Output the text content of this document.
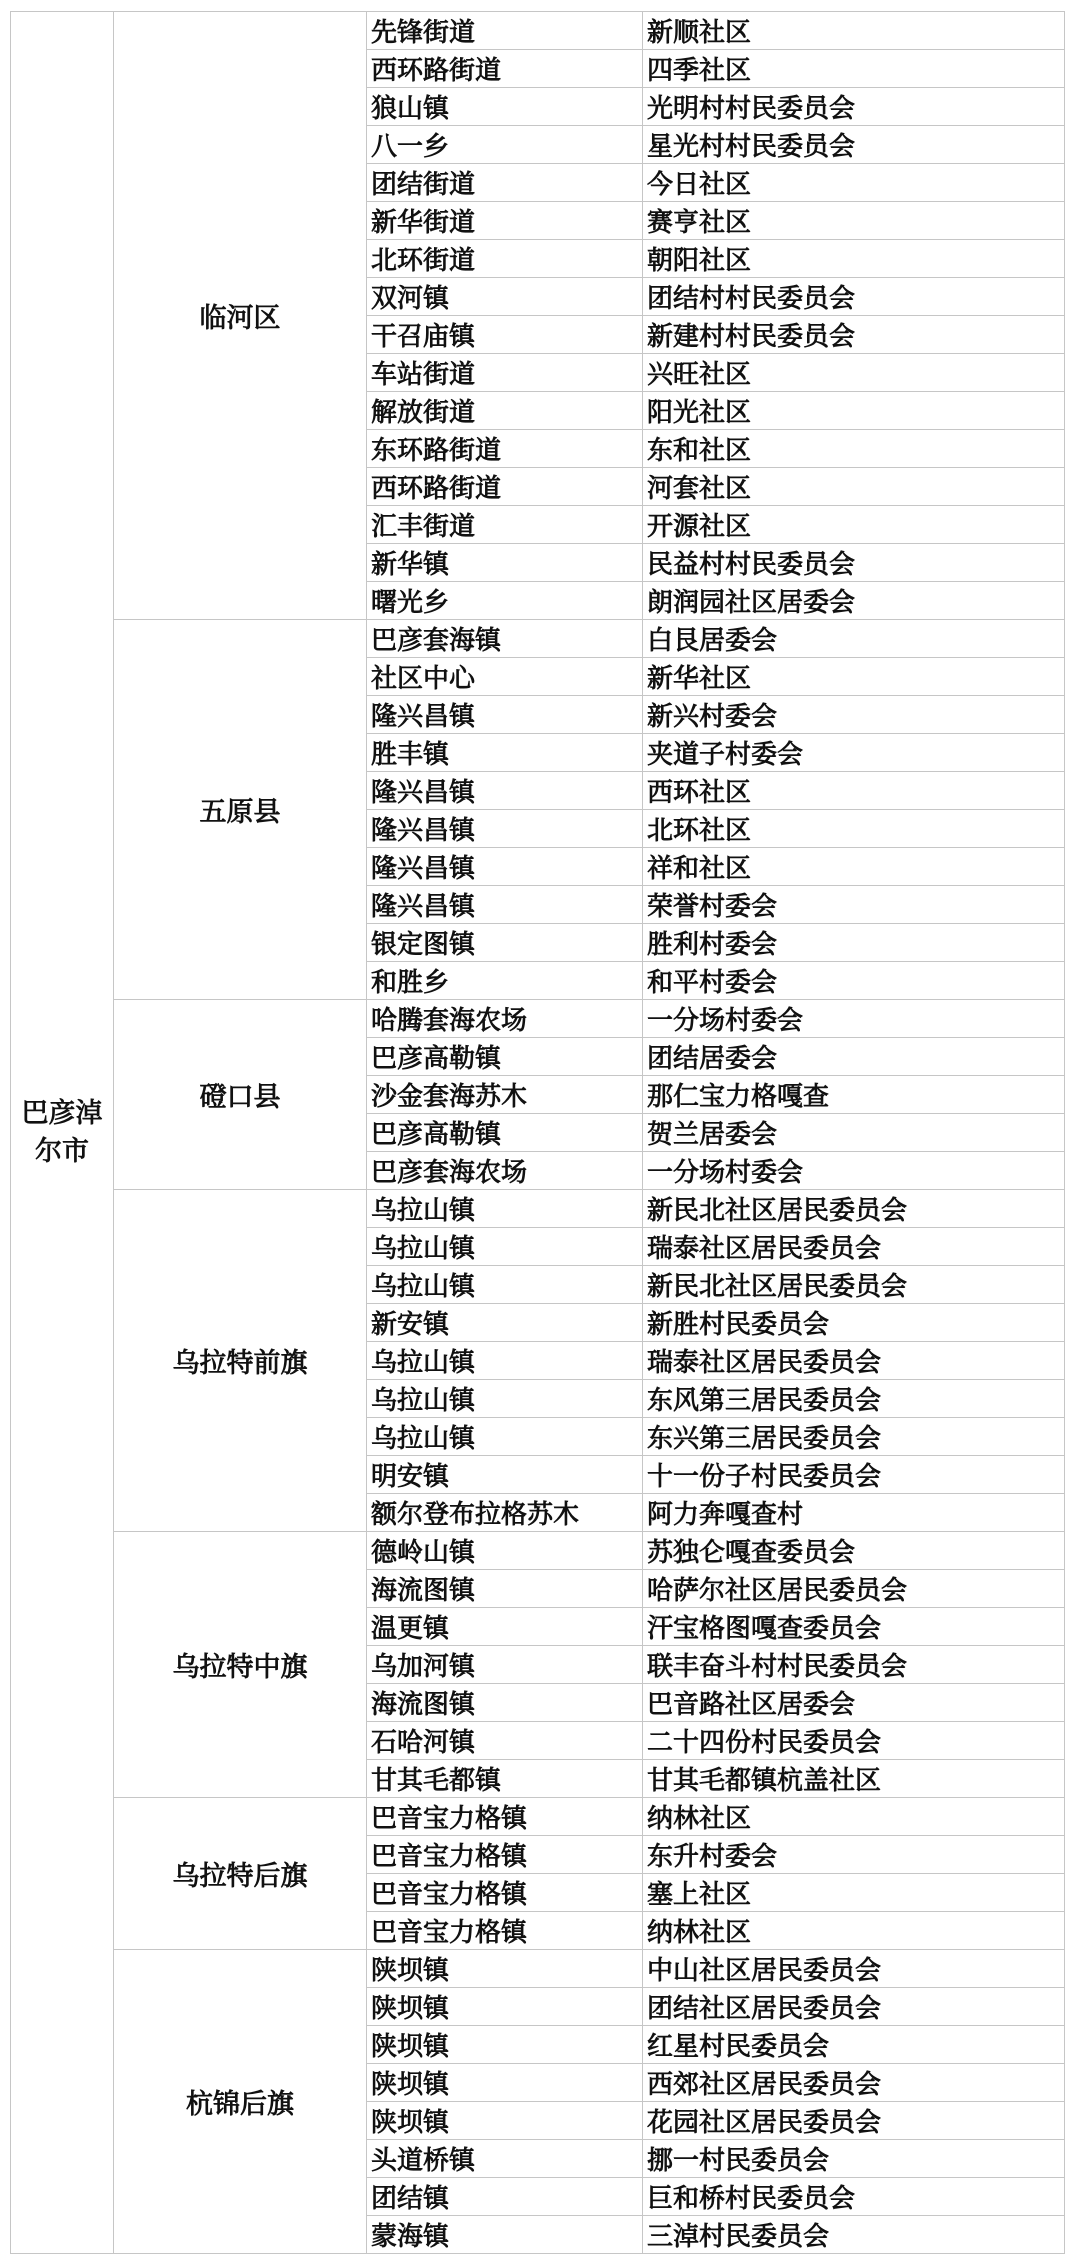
巴彦淖尔市	临河区	先锋街道	新顺社区
		西环路街道	四季社区
		狼山镇	光明村村民委员会
		八一乡	星光村村民委员会
		团结街道	今日社区
		新华街道	赛亨社区
		北环街道	朝阳社区
		双河镇	团结村村民委员会
		干召庙镇	新建村村民委员会
		车站街道	兴旺社区
		解放街道	阳光社区
		东环路街道	东和社区
		西环路街道	河套社区
		汇丰街道	开源社区
		新华镇	民益村村民委员会
		曙光乡	朗润园社区居委会
	五原县	巴彦套海镇	白艮居委会
		社区中心	新华社区
		隆兴昌镇	新兴村委会
		胜丰镇	夹道子村委会
		隆兴昌镇	西环社区
		隆兴昌镇	北环社区
		隆兴昌镇	祥和社区
		隆兴昌镇	荣誉村委会
		银定图镇	胜利村委会
		和胜乡	和平村委会
	磴口县	哈腾套海农场	一分场村委会
		巴彦高勒镇	团结居委会
		沙金套海苏木	那仁宝力格嘎查
		巴彦高勒镇	贺兰居委会
		巴彦套海农场	一分场村委会
	乌拉特前旗	乌拉山镇	新民北社区居民委员会
		乌拉山镇	瑞泰社区居民委员会
		乌拉山镇	新民北社区居民委员会
		新安镇	新胜村民委员会
		乌拉山镇	瑞泰社区居民委员会
		乌拉山镇	东风第三居民委员会
		乌拉山镇	东兴第三居民委员会
		明安镇	十一份子村民委员会
		额尔登布拉格苏木	阿力奔嘎查村
	乌拉特中旗	德岭山镇	苏独仑嘎查委员会
		海流图镇	哈萨尔社区居民委员会
		温更镇	汗宝格图嘎查委员会
		乌加河镇	联丰奋斗村村民委员会
		海流图镇	巴音路社区居委会
		石哈河镇	二十四份村民委员会
		甘其毛都镇	甘其毛都镇杭盖社区
	乌拉特后旗	巴音宝力格镇	纳林社区
		巴音宝力格镇	东升村委会
		巴音宝力格镇	塞上社区
		巴音宝力格镇	纳林社区
	杭锦后旗	陕坝镇	中山社区居民委员会
		陕坝镇	团结社区居民委员会
		陕坝镇	红星村民委员会
		陕坝镇	西郊社区居民委员会
		陕坝镇	花园社区居民委员会
		头道桥镇	挪一村民委员会
		团结镇	巨和桥村民委员会
		蒙海镇	三淖村民委员会
